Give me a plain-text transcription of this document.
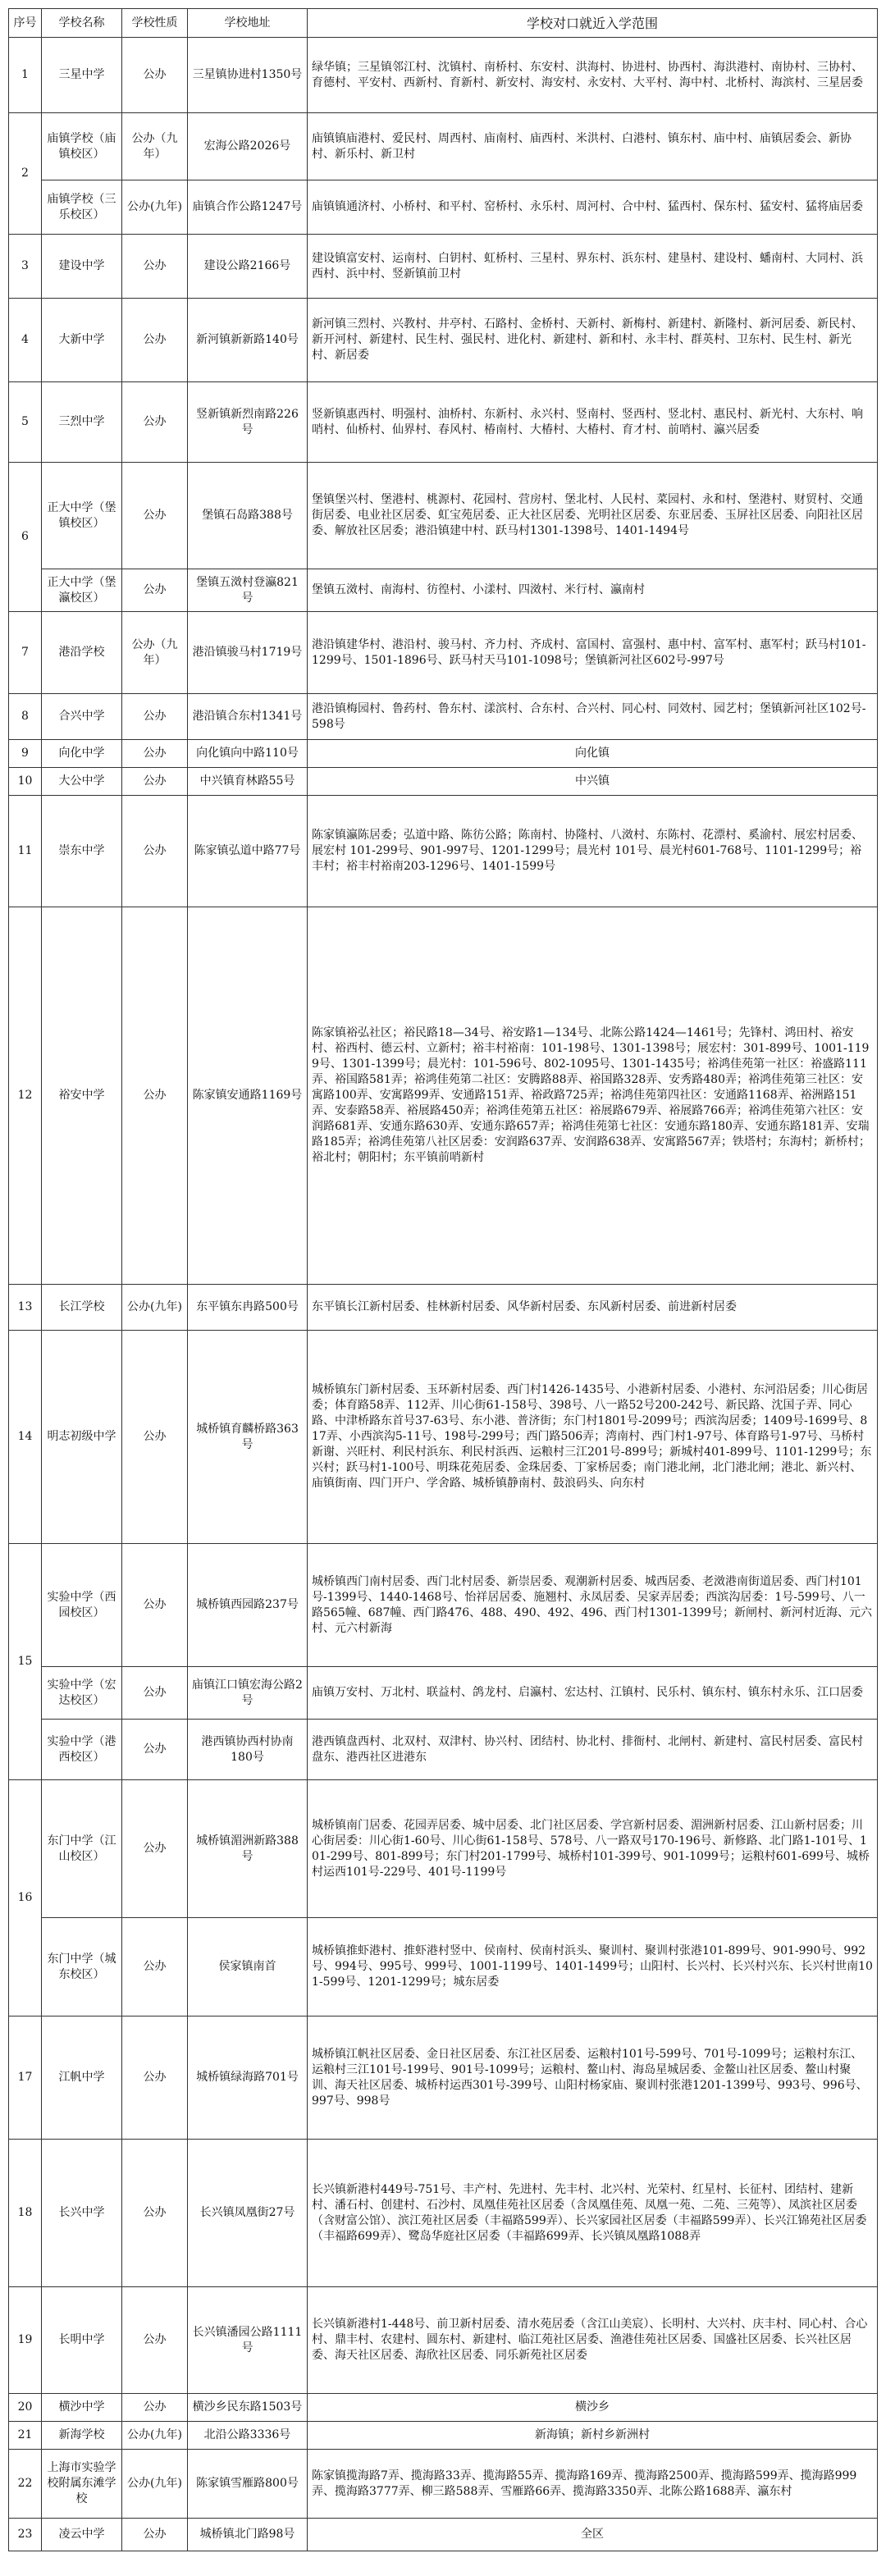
序号	学校名称	学校性质	学校地址	学校对口就近入学范围
1	三星中学	公办	三星镇协进村1350号	绿华镇；三星镇邻江村、沈镇村、南桥村、东安村、洪海村、协进村、协西村、海洪港村、南协村、三协村、育德村、平安村、西新村、育新村、新安村、海安村、永安村、大平村、海中村、北桥村、海滨村、三星居委
2	庙镇学校（庙镇校区）	公办（九年）	宏海公路2026号	庙镇镇庙港村、爱民村、周西村、庙南村、庙西村、米洪村、白港村、镇东村、庙中村、庙镇居委会、新协村、新乐村、新卫村
	庙镇学校（三乐校区）	公办(九年)	庙镇合作公路1247号	庙镇镇通济村、小桥村、和平村、窑桥村、永乐村、周河村、合中村、猛西村、保东村、猛安村、猛将庙居委
3	建设中学	公办	建设公路2166号	建设镇富安村、运南村、白钥村、虹桥村、三星村、界东村、浜东村、建垦村、建设村、蟠南村、大同村、浜西村、浜中村、竖新镇前卫村
4	大新中学	公办	新河镇新新路140号	新河镇三烈村、兴教村、井亭村、石路村、金桥村、天新村、新梅村、新建村、新隆村、新河居委、新民村、新开河村、新建村、民生村、强民村、进化村、新建村、新和村、永丰村、群英村、卫东村、民生村、新光村、新居委
5	三烈中学	公办	竖新镇新烈南路226号	竖新镇惠西村、明强村、油桥村、东新村、永兴村、竖南村、竖西村、竖北村、惠民村、新光村、大东村、响哨村、仙桥村、仙界村、春风村、椿南村、大椿村、大椿村、育才村、前哨村、瀛兴居委
6	正大中学（堡镇校区）	公办	堡镇石岛路388号	堡镇堡兴村、堡港村、桃源村、花园村、营房村、堡北村、人民村、菜园村、永和村、堡港村、财贸村、交通街居委、电业社区居委、虹宝苑居委、正大社区居委、光明社区居委、东亚居委、玉屏社区居委、向阳社区居委、解放社区居委；港沿镇建中村、跃马村1301-1398号、1401-1494号
	正大中学（堡瀛校区）	公办	堡镇五滧村登瀛821号	堡镇五滧村、南海村、彷徨村、小漾村、四滧村、米行村、瀛南村
7	港沿学校	公办（九年）	港沿镇骏马村1719号	港沿镇建华村、港沿村、骏马村、齐力村、齐成村、富国村、富强村、惠中村、富军村、惠军村；跃马村101-1299号、1501-1896号、跃马村天马101-1098号；堡镇新河社区602号-997号
8	合兴中学	公办	港沿镇合东村1341号	港沿镇梅园村、鲁药村、鲁东村、漾滨村、合东村、合兴村、同心村、同效村、园艺村；堡镇新河社区102号-598号
9	向化中学	公办	向化镇向中路110号	向化镇
10	大公中学	公办	中兴镇育林路55号	中兴镇
11	崇东中学	公办	陈家镇弘道中路77号	陈家镇瀛陈居委；弘道中路、陈彷公路；陈南村、协隆村、八滧村、东陈村、花漂村、奚渝村、展宏村居委、展宏村 101-299号、901-997号、1201-1299号；晨光村 101号、晨光村601-768号、1101-1299号；裕丰村；裕丰村裕南203-1296号、1401-1599号
12	裕安中学	公办	陈家镇安通路1169号	陈家镇裕弘社区；裕民路18—34号、裕安路1—134号、北陈公路1424—1461号；先锋村、鸿田村、裕安村、裕西村、德云村、立新村；裕丰村裕南：101-198号、1301-1398号；展宏村：301-899号、1001-1199号、1301-1399号；晨光村：101-596号、802-1095号、1301-1435号；裕鸿佳苑第一社区：裕盛路111弄、裕国路581弄；裕鸿佳苑第二社区：安腾路88弄、裕国路328弄、安秀路480弄；裕鸿佳苑第三社区：安寓路100弄、安寓路99弄、安通路151弄、裕政路725弄；裕鸿佳苑第四社区：安通路1168弄、裕洲路151弄、安泰路58弄、裕展路450弄；裕鸿佳苑第五社区：裕展路679弄、裕展路766弄；裕鸿佳苑第六社区：安润路681弄、安通东路630弄、安通东路657弄；裕鸿佳苑第七社区：安通东路180弄、安通东路181弄、安瑞路185弄；裕鸿佳苑第八社区居委：安润路637弄、安润路638弄、安寓路567弄；铁塔村；东海村；新桥村；裕北村；朝阳村；东平镇前哨新村
13	长江学校	公办(九年)	东平镇东冉路500号	东平镇长江新村居委、桂林新村居委、风华新村居委、东风新村居委、前进新村居委
14	明志初级中学	公办	城桥镇育麟桥路363号	城桥镇东门新村居委、玉环新村居委、西门村1426-1435号、小港新村居委、小港村、东河沿居委；川心街居委；体育路58弄、112弄、川心街61-158号、398号、八一路52号200-242号、新民路、沈国子弄、同心路、中津桥路东首号37-63号、东小港、普济街；东门村1801号-2099号；西滨沟居委；1409号-1699号、817弄、小西滨沟5-11号、198号-299号；西门路506弄；湾南村、西门村1-97号、体育路号1-97号、马桥村新谢、兴旺村、利民村浜东、利民村浜西、运粮村三江201号-899号；新城村401-899号、1101-1299号；东兴村；跃马村1-100号、明珠花苑居委、金珠居委、丁家桥居委；南门港北闸，北门港北闸；港北、新兴村、庙镇街南、四门开户、学舍路、城桥镇静南村、鼓浪码头、向东村
15	实验中学（西园校区）	公办	城桥镇西园路237号	城桥镇西门南村居委、西门北村居委、新崇居委、观潮新村居委、城西居委、老滧港南街道居委、西门村101号-1399号、1440-1468号、怡祥居居委、施翘村、永凤居委、吴家弄居委；西滨沟居委：1号-599号、八一路565幢、687幢、西门路476、488、490、492、496、西门村1301-1399号；新闸村、新河村近海、元六村、元六村新海
	实验中学（宏达校区）	公办	庙镇江口镇宏海公路2号	庙镇万安村、万北村、联益村、鸽龙村、启瀛村、宏达村、江镇村、民乐村、镇东村、镇东村永乐、江口居委
	实验中学（港西校区）	公办	港西镇协西村协南180号	港西镇盘西村、北双村、双津村、协兴村、团结村、协北村、排衙村、北闸村、新建村、富民村居委、富民村盘东、港西社区进港东
16	东门中学（江山校区）	公办	城桥镇湄洲新路388号	城桥镇南门居委、花园弄居委、城中居委、北门社区居委、学宫新村居委、湄洲新村居委、江山新村居委；川心街居委：川心街1-60号、川心街61-158号、578号、八一路双号170-196号、新修路、北门路1-101号、101-299号、801-899号；东门村201-1799号、城桥村101-399号、901-1099号；运粮村601-699号、城桥村运西101号-229号、401号-1199号
	东门中学（城东校区）	公办	侯家镇南首	城桥镇推虾港村、推虾港村竖中、侯南村、侯南村浜头、聚训村、聚训村张港101-899号、901-990号、992号、994号、995号、999号、1001-1199号、1401-1499号；山阳村、长兴村、长兴村兴东、长兴村世南101-599号、1201-1299号；城东居委
17	江帆中学	公办	城桥镇绿海路701号	城桥镇江帆社区居委、金日社区居委、东江社区居委、运粮村101号-599号、701号-1099号；运粮村东江、运粮村三江101号-199号、901号-1099号；运粮村、鳌山村、海岛星城居委、金鳌山社区居委、鳌山村聚训、海天社区居委、城桥村运西301号-399号、山阳村杨家庙、聚训村张港1201-1399号、993号、996号、997号、998号
18	长兴中学	公办	长兴镇凤凰街27号	长兴镇新港村449号-751号、丰产村、先进村、先丰村、北兴村、光荣村、红星村、长征村、团结村、建新村、潘石村、创建村、石沙村、凤凰佳苑社区居委（含凤凰佳苑、凤凰一苑、二苑、三苑等）、凤滨社区居委（含财富公馆）、滨江苑社区居委（丰福路599弄）、长兴家园社区居委（丰福路599弄）、长兴江锦苑社区居委（丰福路699弄）、鹭岛华庭社区居委（丰福路699弄、长兴镇凤凰路1088弄
19	长明中学	公办	长兴镇潘园公路1111号	长兴镇新港村1-448号、前卫新村居委、清水苑居委（含江山美宸）、长明村、大兴村、庆丰村、同心村、合心村、鼎丰村、农建村、圆东村、新建村、临江苑社区居委、渔港佳苑社区居委、国盛社区居委、长兴社区居委、海天社区居委、海欣社区居委、同乐新苑社区居委
20	横沙中学	公办	横沙乡民东路1503号	横沙乡
21	新海学校	公办(九年)	北沿公路3336号	新海镇；新村乡新洲村
22	上海市实验学校附属东滩学校	公办(九年)	陈家镇雪雁路800号	陈家镇揽海路7弄、揽海路33弄、揽海路55弄、揽海路169弄、揽海路2500弄、揽海路599弄、揽海路999弄、揽海路3777弄、柳三路588弄、雪雁路66弄、揽海路3350弄、北陈公路1688弄、瀛东村
23	凌云中学	公办	城桥镇北门路98号	全区
